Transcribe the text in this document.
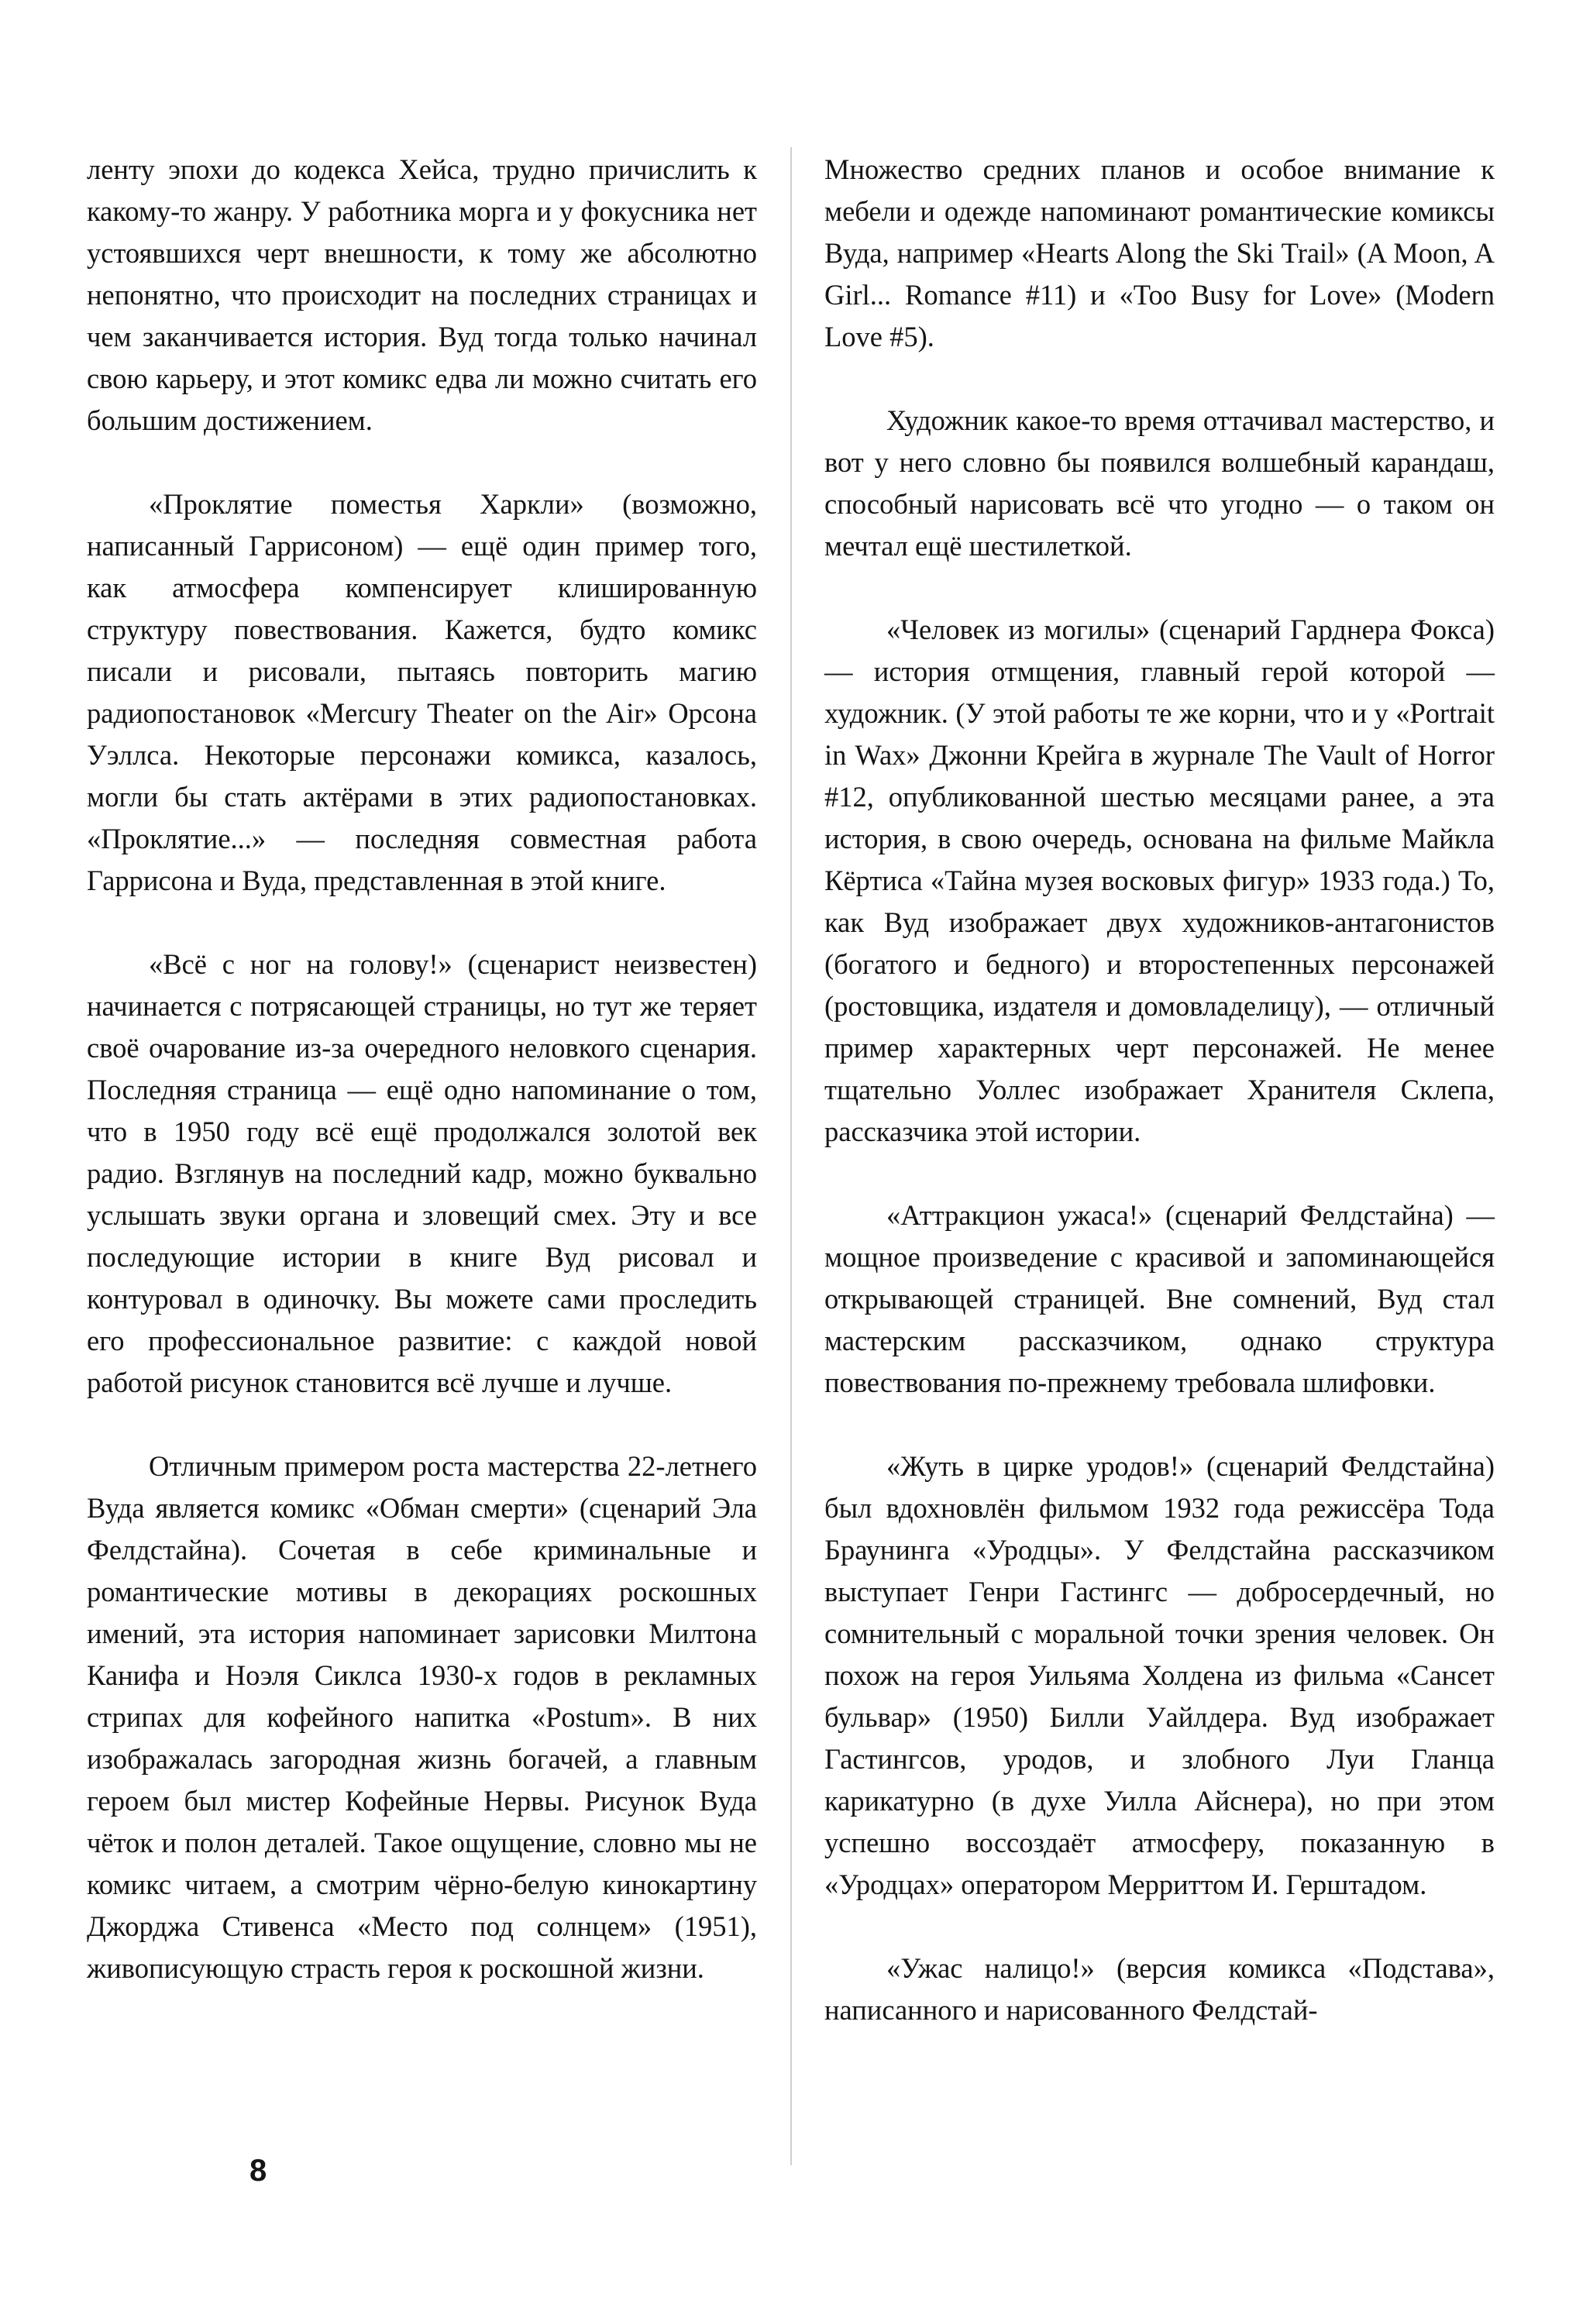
ленту эпохи до кодекса Хейса, трудно причислить к какому-то жанру. У работника морга и у фокусника нет устоявшихся черт внешности, к тому же абсолютно непонятно, что происходит на последних страницах и чем заканчивается история. Вуд тогда только начинал свою карьеру, и этот комикс едва ли можно считать его большим достижением.

«Проклятие поместья Харкли» (возможно, написанный Гаррисоном) — ещё один пример того, как атмосфера компенсирует клишированную структуру повествования. Кажется, будто комикс писали и рисовали, пытаясь повторить магию радиопостановок «Mercury Theater on the Air» Орсона Уэллса. Некоторые персонажи комикса, казалось, могли бы стать актёрами в этих радиопостановках. «Проклятие...» — последняя совместная работа Гаррисона и Вуда, представленная в этой книге.

«Всё с ног на голову!» (сценарист неизвестен) начинается с потрясающей страницы, но тут же теряет своё очарование из-за очередного неловкого сценария. Последняя страница — ещё одно напоминание о том, что в 1950 году всё ещё продолжался золотой век радио. Взглянув на последний кадр, можно буквально услышать звуки органа и зловещий смех. Эту и все последующие истории в книге Вуд рисовал и контуровал в одиночку. Вы можете сами проследить его профессиональное развитие: с каждой новой работой рисунок становится всё лучше и лучше.

Отличным примером роста мастерства 22-летнего Вуда является комикс «Обман смерти» (сценарий Эла Фелдстайна). Сочетая в себе криминальные и романтические мотивы в декорациях роскошных имений, эта история напоминает зарисовки Милтона Канифа и Ноэля Сиклса 1930-х годов в рекламных стрипах для кофейного напитка «Postum». В них изображалась загородная жизнь богачей, а главным героем был мистер Кофейные Нервы. Рисунок Вуда чёток и полон деталей. Такое ощущение, словно мы не комикс читаем, а смотрим чёрно-белую кинокартину Джорджа Стивенса «Место под солнцем» (1951), живописующую страсть героя к роскошной жизни.

Множество средних планов и особое внимание к мебели и одежде напоминают романтические комиксы Вуда, например «Hearts Along the Ski Trail» (A Moon, A Girl... Romance #11) и «Too Busy for Love» (Modern Love #5).

Художник какое-то время оттачивал мастерство, и вот у него словно бы появился волшебный карандаш, способный нарисовать всё что угодно — о таком он мечтал ещё шестилеткой.

«Человек из могилы» (сценарий Гарднера Фокса) — история отмщения, главный герой которой — художник. (У этой работы те же корни, что и у «Portrait in Wax» Джонни Крейга в журнале The Vault of Horror #12, опубликованной шестью месяцами ранее, а эта история, в свою очередь, основана на фильме Майкла Кёртиса «Тайна музея восковых фигур» 1933 года.) То, как Вуд изображает двух художников-антагонистов (богатого и бедного) и второстепенных персонажей (ростовщика, издателя и домовладелицу), — отличный пример характерных черт персонажей. Не менее тщательно Уоллес изображает Хранителя Склепа, рассказчика этой истории.

«Аттракцион ужаса!» (сценарий Фелдстайна) — мощное произведение с красивой и запоминающейся открывающей страницей. Вне сомнений, Вуд стал мастерским рассказчиком, однако структура повествования по-прежнему требовала шлифовки.

«Жуть в цирке уродов!» (сценарий Фелдстайна) был вдохновлён фильмом 1932 года режиссёра Тода Браунинга «Уродцы». У Фелдстайна рассказчиком выступает Генри Гастингс — добросердечный, но сомнительный с моральной точки зрения человек. Он похож на героя Уильяма Холдена из фильма «Сансет бульвар» (1950) Билли Уайлдера. Вуд изображает Гастингсов, уродов, и злобного Луи Гланца карикатурно (в духе Уилла Айснера), но при этом успешно воссоздаёт атмосферу, показанную в «Уродцах» оператором Мерриттом И. Герштадом.

«Ужас налицо!» (версия комикса «Подстава», написанного и нарисованного Фелдстай-

8
